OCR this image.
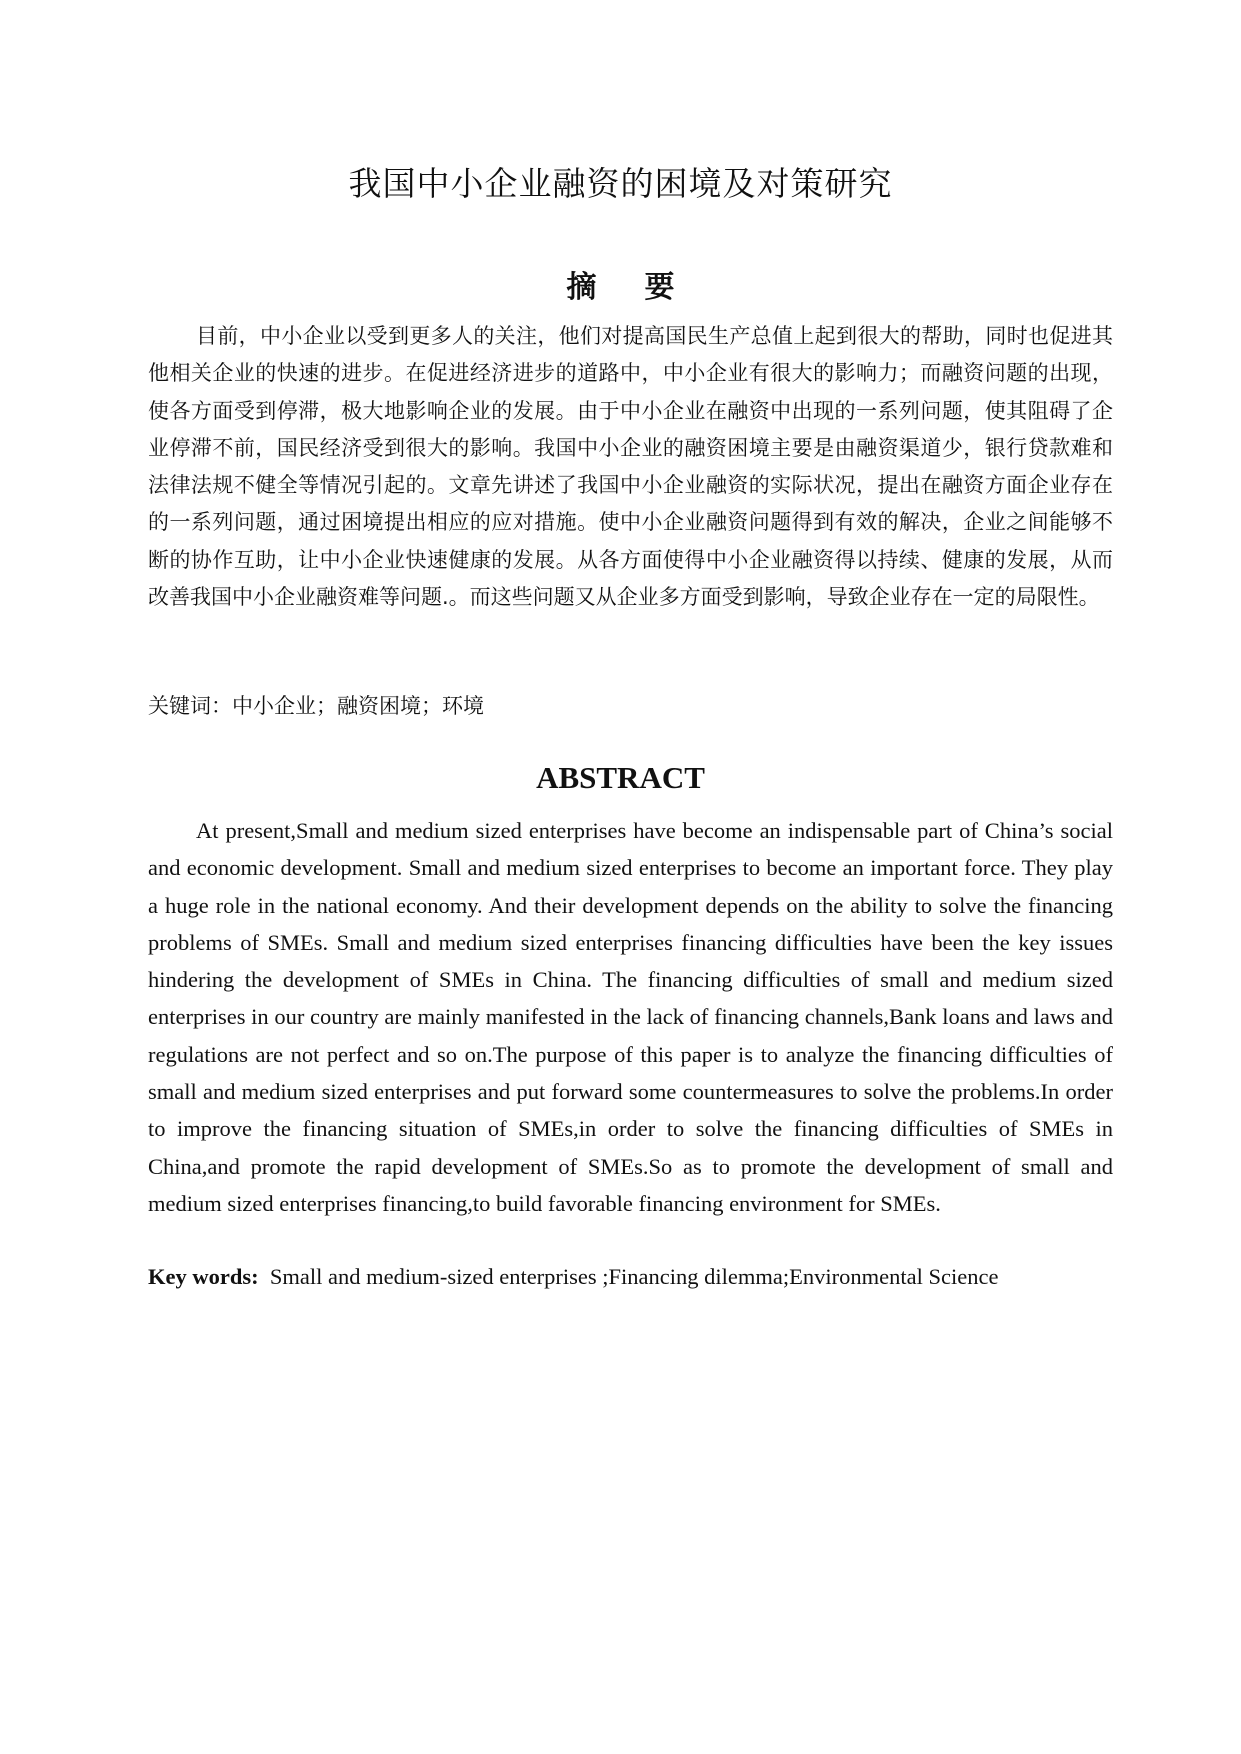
我国中小企业融资的困境及对策研究
摘 要

目前，中小企业以受到更多人的关注，他们对提高国民生产总值上起到很大的帮助，同时也促进其他相关企业的快速的进步。在促进经济进步的道路中，中小企业有很大的影响力；而融资问题的出现，使各方面受到停滞，极大地影响企业的发展。由于中小企业在融资中出现的一系列问题，使其阻碍了企业停滞不前，国民经济受到很大的影响。我国中小企业的融资困境主要是由融资渠道少，银行贷款难和法律法规不健全等情况引起的。文章先讲述了我国中小企业融资的实际状况，提出在融资方面企业存在的一系列问题，通过困境提出相应的应对措施。使中小企业融资问题得到有效的解决，企业之间能够不断的协作互助，让中小企业快速健康的发展。从各方面使得中小企业融资得以持续、健康的发展，从而改善我国中小企业融资难等问题.。而这些问题又从企业多方面受到影响，导致企业存在一定的局限性。

关键词：中小企业；融资困境；环境

ABSTRACT

At present,Small and medium sized enterprises have become an indispensable part of China’s social and economic development. Small and medium sized enterprises to become an important force. They play a huge role in the national economy. And their development depends on the ability to solve the financing problems of SMEs. Small and medium sized enterprises financing difficulties have been the key issues hindering the development of SMEs in China. The financing difficulties of small and medium sized enterprises in our country are mainly manifested in the lack of financing channels,Bank loans and laws and regulations are not perfect and so on.The purpose of this paper is to analyze the financing difficulties of small and medium sized enterprises and put forward some countermeasures to solve the problems.In order to improve the financing situation of SMEs,in order to solve the financing difficulties of SMEs in China,and promote the rapid development of SMEs.So as to promote the development of small and medium sized enterprises financing,to build favorable financing environment for SMEs.

Key words: Small and medium-sized enterprises ;Financing dilemma;Environmental Science
